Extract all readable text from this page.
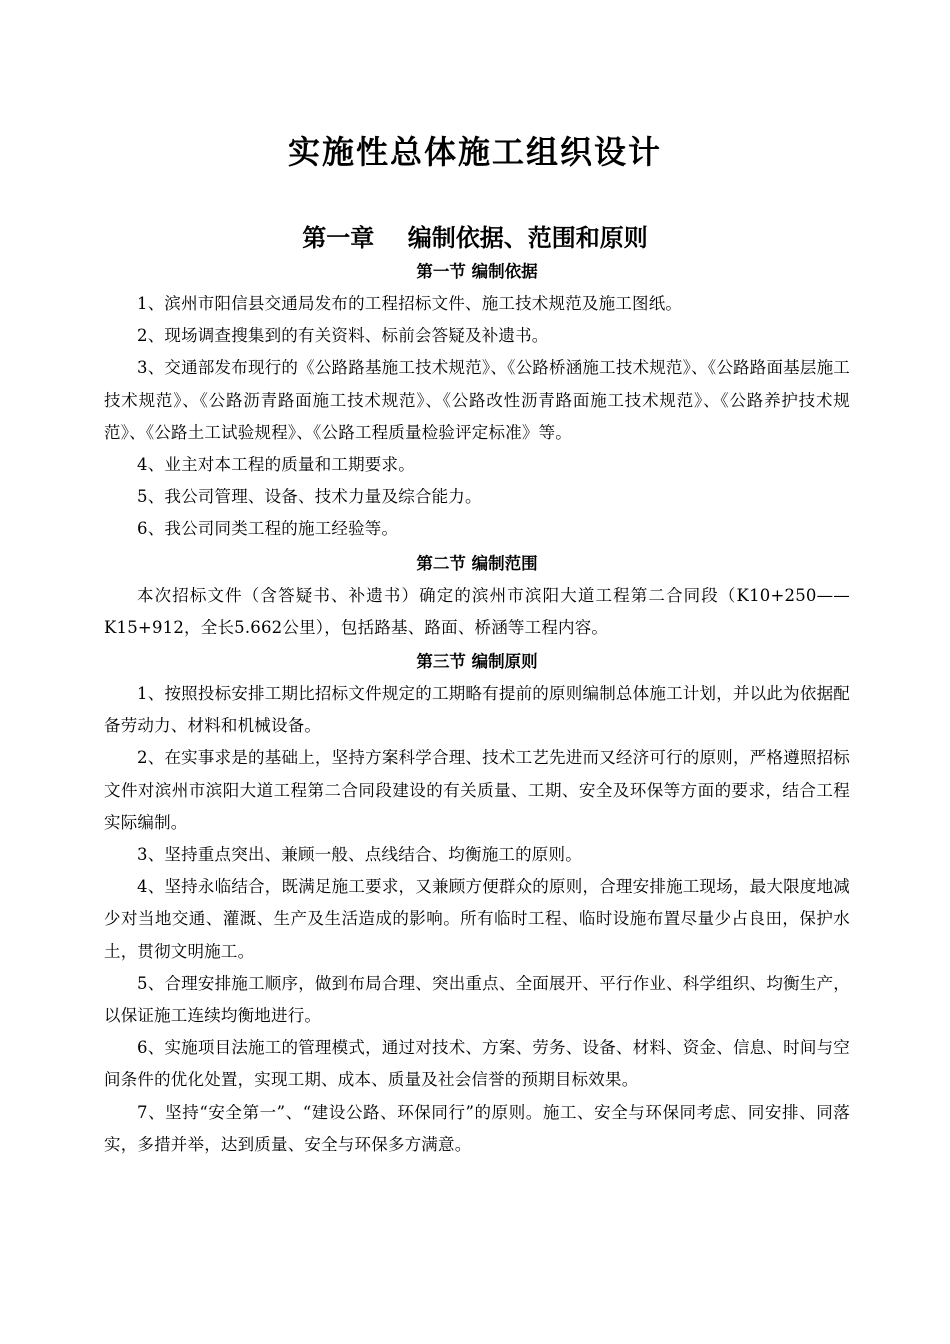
实施性总体施工组织设计
第一章    编制依据、范围和原则
第一节 编制依据

1、滨州市阳信县交通局发布的工程招标文件、施工技术规范及施工图纸。

2、现场调查搜集到的有关资料、标前会答疑及补遗书。

3、交通部发布现行的《公路路基施工技术规范》、《公路桥涵施工技术规范》、《公路路面基层施工技术规范》、《公路沥青路面施工技术规范》、《公路改性沥青路面施工技术规范》、《公路养护技术规范》、《公路土工试验规程》、《公路工程质量检验评定标准》等。

4、业主对本工程的质量和工期要求。

5、我公司管理、设备、技术力量及综合能力。

6、我公司同类工程的施工经验等。

第二节 编制范围

本次招标文件（含答疑书、补遗书）确定的滨州市滨阳大道工程第二合同段（K10+250——K15+912，全长5.662公里），包括路基、路面、桥涵等工程内容。

第三节 编制原则

1、按照投标安排工期比招标文件规定的工期略有提前的原则编制总体施工计划，并以此为依据配备劳动力、材料和机械设备。

2、在实事求是的基础上，坚持方案科学合理、技术工艺先进而又经济可行的原则，严格遵照招标文件对滨州市滨阳大道工程第二合同段建设的有关质量、工期、安全及环保等方面的要求，结合工程实际编制。

3、坚持重点突出、兼顾一般、点线结合、均衡施工的原则。

4、坚持永临结合，既满足施工要求，又兼顾方便群众的原则，合理安排施工现场，最大限度地减少对当地交通、灌溉、生产及生活造成的影响。所有临时工程、临时设施布置尽量少占良田，保护水土，贯彻文明施工。

5、合理安排施工顺序，做到布局合理、突出重点、全面展开、平行作业、科学组织、均衡生产，以保证施工连续均衡地进行。

6、实施项目法施工的管理模式，通过对技术、方案、劳务、设备、材料、资金、信息、时间与空间条件的优化处置，实现工期、成本、质量及社会信誉的预期目标效果。

7、坚持“安全第一”、“建设公路、环保同行”的原则。施工、安全与环保同考虑、同安排、同落实，多措并举，达到质量、安全与环保多方满意。
